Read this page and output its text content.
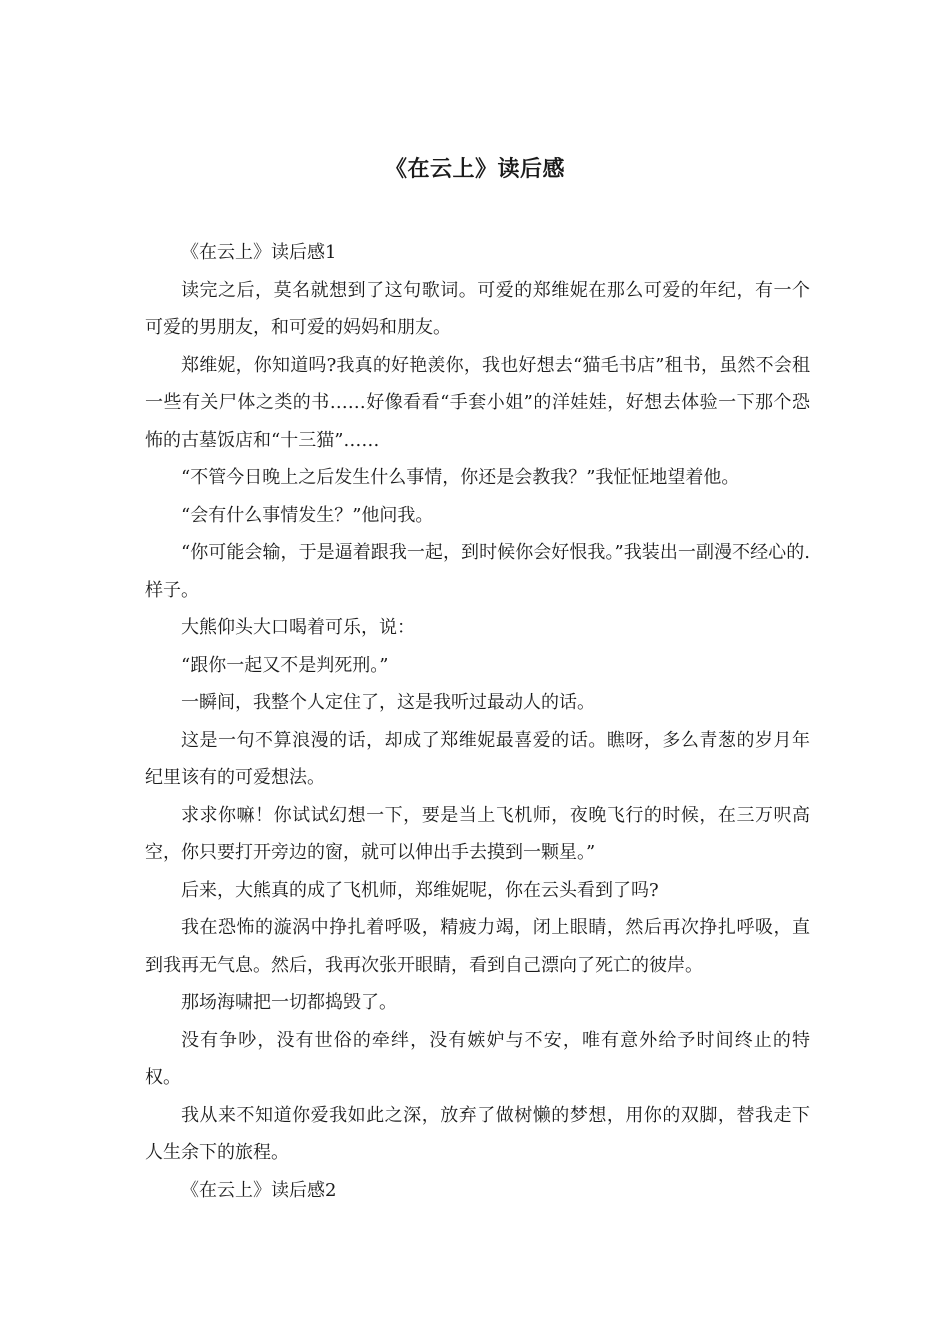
《在云上》读后感

《在云上》读后感1

读完之后，莫名就想到了这句歌词。可爱的郑维妮在那么可爱的年纪，有一个可爱的男朋友，和可爱的妈妈和朋友。

郑维妮，你知道吗?我真的好艳羡你，我也好想去“猫毛书店”租书，虽然不会租一些有关尸体之类的书……好像看看“手套小姐”的洋娃娃，好想去体验一下那个恐怖的古墓饭店和“十三猫”……

“不管今日晚上之后发生什么事情，你还是会教我？”我怔怔地望着他。

“会有什么事情发生？”他问我。

“你可能会输，于是逼着跟我一起，到时候你会好恨我。”我装出一副漫不经心的.样子。

大熊仰头大口喝着可乐，说：

“跟你一起又不是判死刑。”

一瞬间，我整个人定住了，这是我听过最动人的话。

这是一句不算浪漫的话，却成了郑维妮最喜爱的话。瞧呀，多么青葱的岁月年纪里该有的可爱想法。

求求你嘛！你试试幻想一下，要是当上飞机师，夜晚飞行的时候，在三万呎高空，你只要打开旁边的窗，就可以伸出手去摸到一颗星。”

后来，大熊真的成了飞机师，郑维妮呢，你在云头看到了吗?

我在恐怖的漩涡中挣扎着呼吸，精疲力竭，闭上眼睛，然后再次挣扎呼吸，直到我再无气息。然后，我再次张开眼睛，看到自己漂向了死亡的彼岸。

那场海啸把一切都捣毁了。

没有争吵，没有世俗的牵绊，没有嫉妒与不安，唯有意外给予时间终止的特权。

我从来不知道你爱我如此之深，放弃了做树懒的梦想，用你的双脚，替我走下人生余下的旅程。

《在云上》读后感2
